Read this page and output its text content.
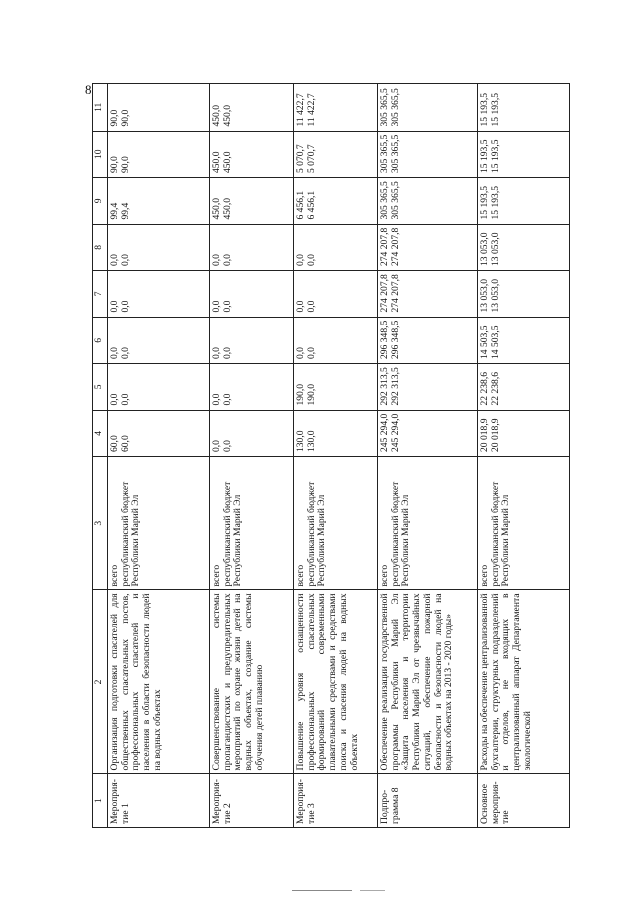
8
1	2	3	4	5	6	7	8	9	10	11
Мероприя-тие 1	Организация подготовки спасателей для общественных спасательных постов, профессиональных спасателей и населения в области безопасности людей на водных объектах	всего республиканский бюджет Республики Марий Эл	60,0 60,0	0,0 0,0	0,0 0,0	0,0 0,0	0,0 0,0	99,4 99,4	90,0 90,0	90,0 90,0

Мероприя-тие 2	Совершенствование системы пропагандистских и предупредительных мероприятий по охране жизни детей на водных объектах, создание системы обучения детей плаванию	всего республиканский бюджет Республики Марий Эл	0,0 0,0	0,0 0,0	0,0 0,0	0,0 0,0	0,0 0,0	450,0 450,0	450,0 450,0	450,0 450,0

Мероприя-тие 3	Повышение уровня оснащенности профессиональных спасательных формирований современными плавательными средствами и средствами поиска и спасения людей на водных объектах	всего республиканский бюджет Республики Марий Эл	130,0 130,0	190,0 190,0	0,0 0,0	0,0 0,0	0,0 0,0	6 456,1 6 456,1	5 070,7 5 070,7	11 422,7 11 422,7

Подпро-грамма 8	Обеспечение реализации государственной программы Республики Марий Эл «Защита населения и территории Республики Марий Эл от чрезвычайных ситуаций, обеспечение пожарной безопасности и безопасности людей на водных объектах на 2013 - 2020 годы»	всего республиканский бюджет Республики Марий Эл	245 294,0 245 294,0	292 313,5 292 313,5	296 348,5 296 348,5	274 207,8 274 207,8	274 207,8 274 207,8	305 365,5 305 365,5	305 365,5 305 365,5	305 365,5 305 365,5

Основное мероприя-тие	Расходы на обеспечение централизованной бухгалтерии, структурных подразделений и отделов, не входящих в централизованный аппарат Департамента экологической	всего республиканский бюджет Республики Марий Эл	20 018,9 20 018,9	22 238,6 22 238,6	14 503,5 14 503,5	13 053,0 13 053,0	13 053,0 13 053,0	15 193,5 15 193,5	15 193,5 15 193,5	15 193,5 15 193,5
